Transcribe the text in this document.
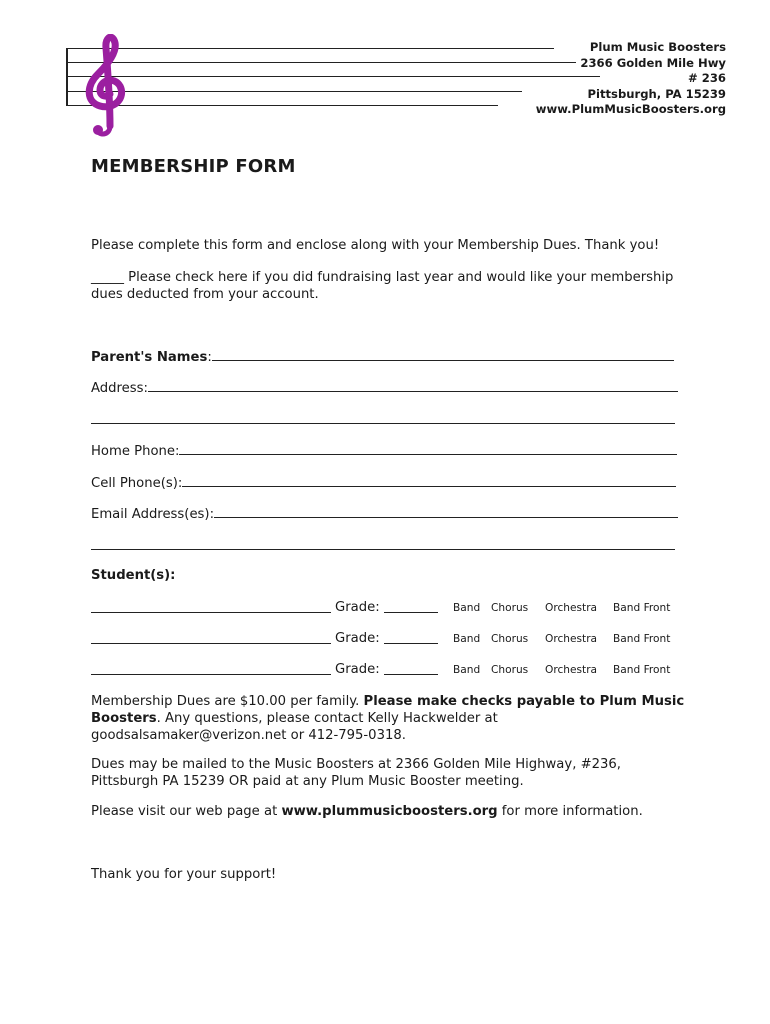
Plum Music Boosters
2366 Golden Mile Hwy
# 236
Pittsburgh, PA 15239
www.PlumMusicBoosters.org
MEMBERSHIP FORM
Please complete this form and enclose along with your Membership Dues. Thank you!
_____ Please check here if you did fundraising last year and would like your membership dues deducted from your account.
Parent's Names:
Address:
Home Phone:
Cell Phone(s):
Email Address(es):
Student(s):
Grade:	Band Chorus Orchestra Band Front
Grade:	Band Chorus Orchestra Band Front
Grade:	Band Chorus Orchestra Band Front
Membership Dues are $10.00 per family. Please make checks payable to Plum Music Boosters. Any questions, please contact Kelly Hackwelder at goodsalsamaker@verizon.net or 412-795-0318.
Dues may be mailed to the Music Boosters at 2366 Golden Mile Highway, #236, Pittsburgh PA 15239 OR paid at any Plum Music Booster meeting.
Please visit our web page at www.plummusicboosters.org for more information.
Thank you for your support!
